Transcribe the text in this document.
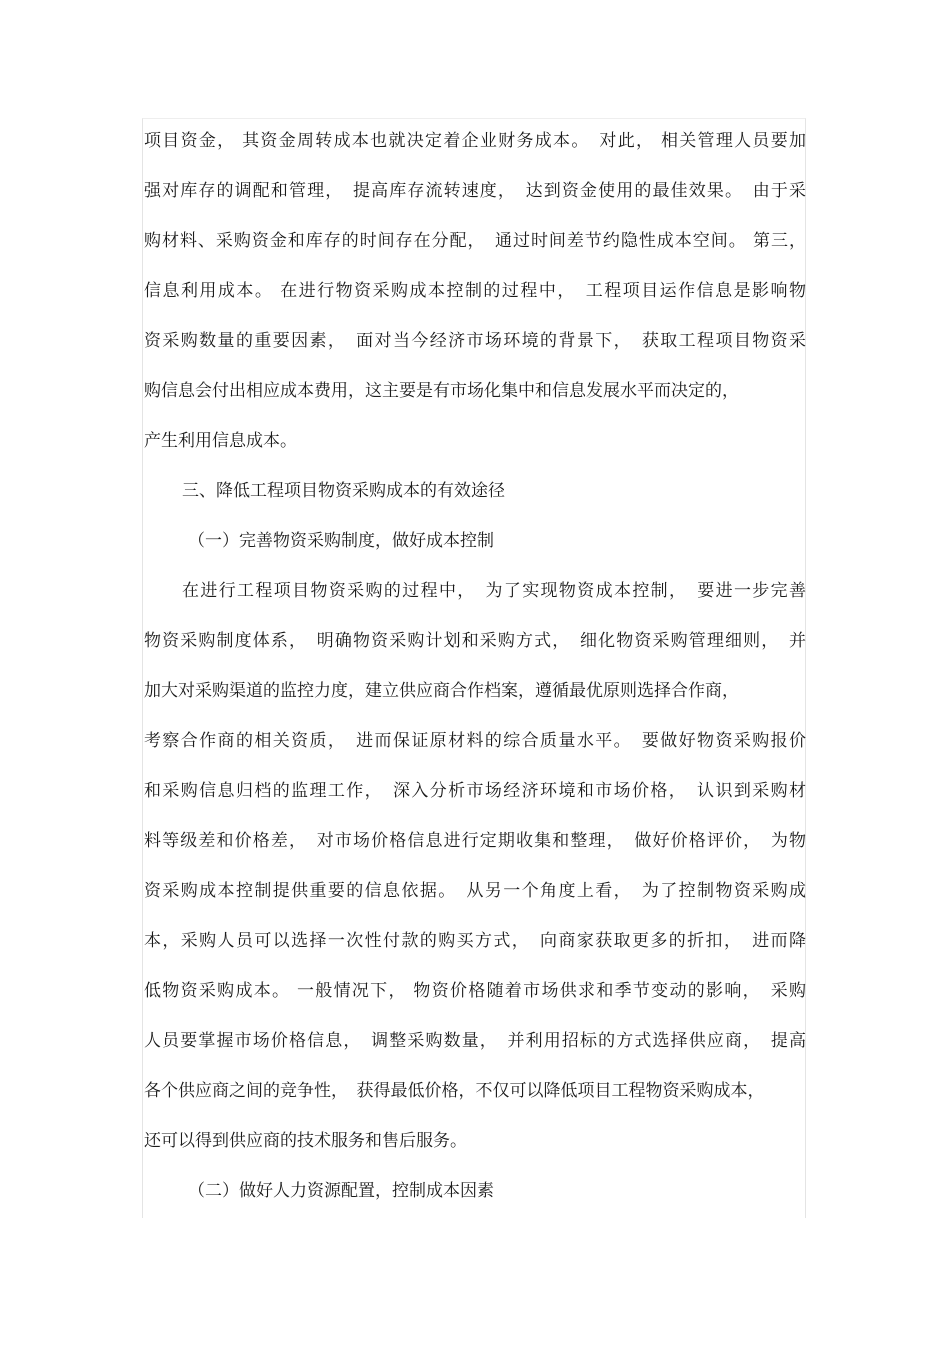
项目资金， 其资金周转成本也就决定着企业财务成本。　对此， 相关管理人员要加
强对库存的调配和管理，　提高库存流转速度，　达到资金使用的最佳效果。　由于采
购材料、采购资金和库存的时间存在分配，　通过时间差节约隐性成本空间。 第三，
信息利用成本。 在进行物资采购成本控制的过程中，　工程项目运作信息是影响物
资采购数量的重要因素，　面对当今经济市场环境的背景下，　获取工程项目物资采
购信息会付出相应成本费用，这主要是有市场化集中和信息发展水平而决定的，
产生利用信息成本。
三、降低工程项目物资采购成本的有效途径
（一）完善物资采购制度，做好成本控制
在进行工程项目物资采购的过程中，　为了实现物资成本控制，　要进一步完善
物资采购制度体系，　明确物资采购计划和采购方式，　细化物资采购管理细则，　并
加大对采购渠道的监控力度，建立供应商合作档案，遵循最优原则选择合作商，
考察合作商的相关资质，　进而保证原材料的综合质量水平。　要做好物资采购报价
和采购信息归档的监理工作，　深入分析市场经济环境和市场价格，　认识到采购材
料等级差和价格差，　对市场价格信息进行定期收集和整理，　做好价格评价，　为物
资采购成本控制提供重要的信息依据。　从另一个角度上看，　为了控制物资采购成
本，采购人员可以选择一次性付款的购买方式，　向商家获取更多的折扣，　进而降
低物资采购成本。 一般情况下， 物资价格随着市场供求和季节变动的影响，　采购
人员要掌握市场价格信息，　调整采购数量，　并利用招标的方式选择供应商，　提高
各个供应商之间的竞争性，　获得最低价格，不仅可以降低项目工程物资采购成本，
还可以得到供应商的技术服务和售后服务。
（二）做好人力资源配置，控制成本因素
